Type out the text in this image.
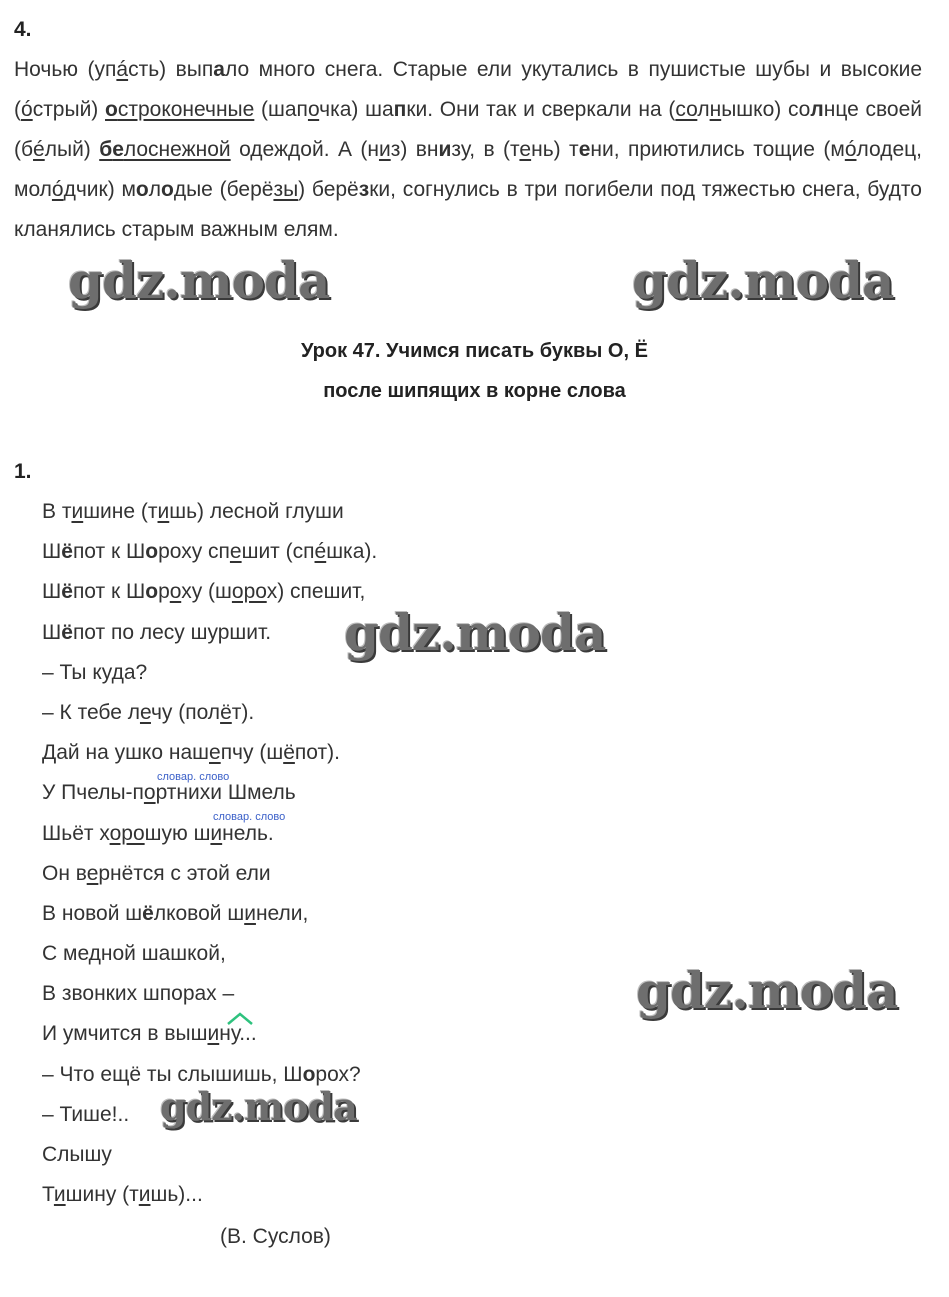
4.
Ночью (упáсть) выпало много снега. Старые ели укутались в пушистые шубы и высокие (óстрый) остроконечные (шапочка) шапки. Они так и сверкали на (солнышко) солнце своей (бéлый) белоснежной одеждой. А (низ) внизу, в (тень) тени, приютились тощие (мóлодец, молóдчик) молодые (берёзы) берёзки, согнулись в три погибели под тяжестью снега, будто кланялись старым важным елям.
Урок 47. Учимся писать буквы О, Ё
после шипящих в корне слова
1.
В тишине (тишь) лесной глуши
Шёпот к Шороху спешит (спéшка).
Шёпот к Шороху (шорох) спешит,
Шёпот по лесу шуршит.
– Ты куда?
– К тебе лечу (полёт).
Дай на ушко нашепчу (шёпот).
У Пчелы-портнихи Шмель
Шьёт хорошую шинель.
Он вернётся с этой ели
В новой шёлковой шинели,
С медной шашкой,
В звонких шпорах –
И умчится в вышину...
– Что ещё ты слышишь, Шорох?
– Тише!..
Слышу
Тишину (тишь)...
словар. слово
словар. слово
(В. Суслов)
gdz.moda	gdz.moda
gdz.moda
gdz.moda
gdz.moda
